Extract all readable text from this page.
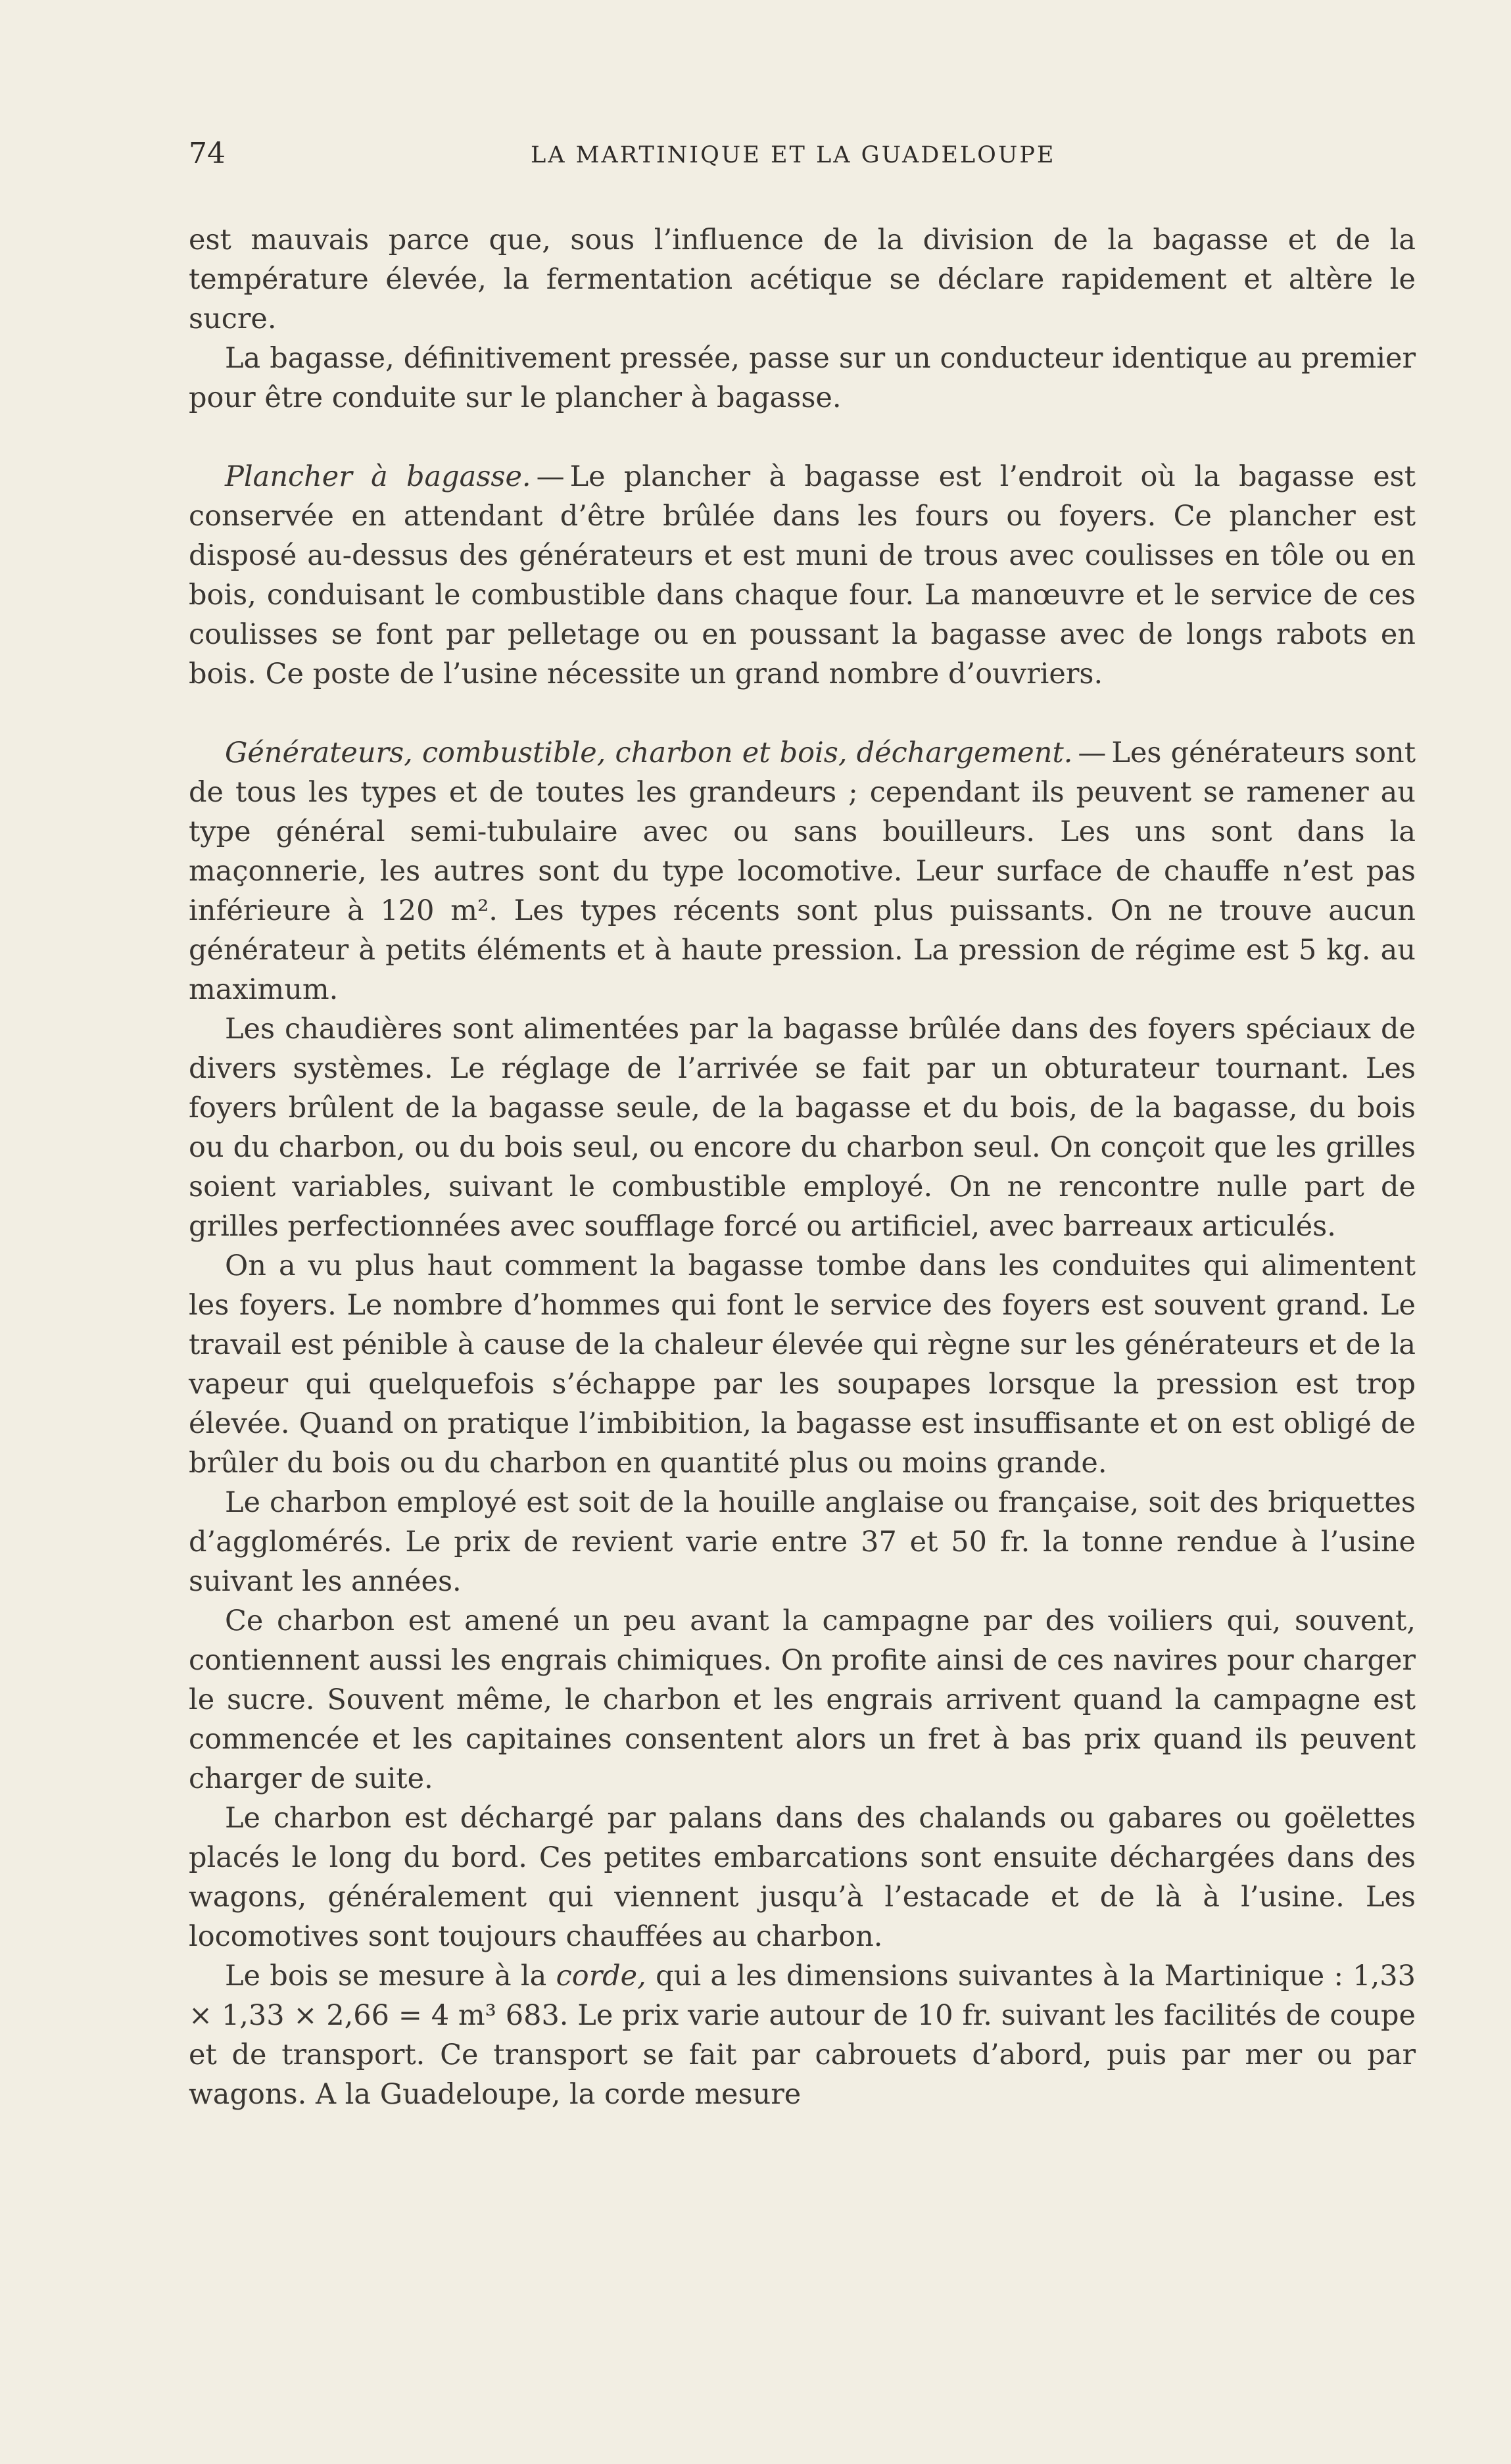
74	LA MARTINIQUE ET LA GUADELOUPE

est mauvais parce que, sous l’influence de la division de la bagasse et de la température élevée, la fermentation acétique se déclare rapidement et altère le sucre.

La bagasse, définitivement pressée, passe sur un conducteur identique au premier pour être conduite sur le plancher à bagasse.

Plancher à bagasse. — Le plancher à bagasse est l’endroit où la bagasse est conservée en attendant d’être brûlée dans les fours ou foyers. Ce plancher est disposé au-dessus des générateurs et est muni de trous avec coulisses en tôle ou en bois, conduisant le combustible dans chaque four. La manœuvre et le service de ces coulisses se font par pelletage ou en poussant la bagasse avec de longs rabots en bois. Ce poste de l’usine nécessite un grand nombre d’ouvriers.

Générateurs, combustible, charbon et bois, déchargement. — Les générateurs sont de tous les types et de toutes les grandeurs ; cependant ils peuvent se ramener au type général semi-tubulaire avec ou sans bouilleurs. Les uns sont dans la maçonnerie, les autres sont du type locomotive. Leur surface de chauffe n’est pas inférieure à 120 m². Les types récents sont plus puissants. On ne trouve aucun générateur à petits éléments et à haute pression. La pression de régime est 5 kg. au maximum.

Les chaudières sont alimentées par la bagasse brûlée dans des foyers spéciaux de divers systèmes. Le réglage de l’arrivée se fait par un obturateur tournant. Les foyers brûlent de la bagasse seule, de la bagasse et du bois, de la bagasse, du bois ou du charbon, ou du bois seul, ou encore du charbon seul. On conçoit que les grilles soient variables, suivant le combustible employé. On ne rencontre nulle part de grilles perfectionnées avec soufflage forcé ou artificiel, avec barreaux articulés.

On a vu plus haut comment la bagasse tombe dans les conduites qui alimentent les foyers. Le nombre d’hommes qui font le service des foyers est souvent grand. Le travail est pénible à cause de la chaleur élevée qui règne sur les générateurs et de la vapeur qui quelquefois s’échappe par les soupapes lorsque la pression est trop élevée. Quand on pratique l’imbibition, la bagasse est insuffisante et on est obligé de brûler du bois ou du charbon en quantité plus ou moins grande.

Le charbon employé est soit de la houille anglaise ou française, soit des briquettes d’agglomérés. Le prix de revient varie entre 37 et 50 fr. la tonne rendue à l’usine suivant les années.

Ce charbon est amené un peu avant la campagne par des voiliers qui, souvent, contiennent aussi les engrais chimiques. On profite ainsi de ces navires pour charger le sucre. Souvent même, le charbon et les engrais arrivent quand la campagne est commencée et les capitaines consentent alors un fret à bas prix quand ils peuvent charger de suite.

Le charbon est déchargé par palans dans des chalands ou gabares ou goëlettes placés le long du bord. Ces petites embarcations sont ensuite déchargées dans des wagons, généralement qui viennent jusqu’à l’estacade et de là à l’usine. Les locomotives sont toujours chauffées au charbon.

Le bois se mesure à la corde, qui a les dimensions suivantes à la Martinique : 1,33 × 1,33 × 2,66 = 4 m³ 683. Le prix varie autour de 10 fr. suivant les facilités de coupe et de transport. Ce transport se fait par cabrouets d’abord, puis par mer ou par wagons. A la Guadeloupe, la corde mesure
